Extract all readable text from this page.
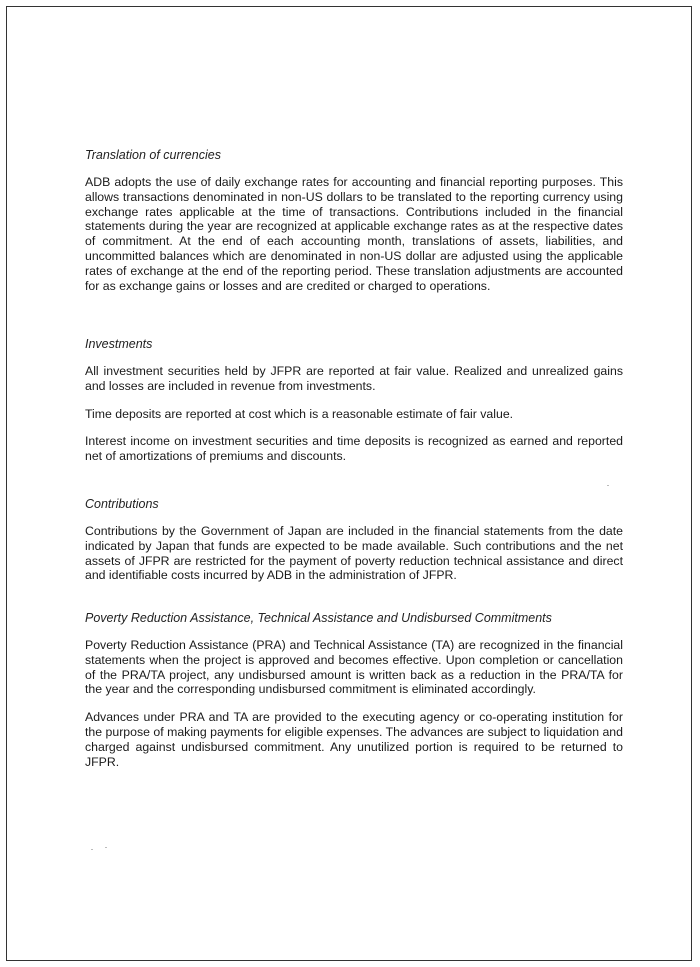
Translation of currencies

ADB adopts the use of daily exchange rates for accounting and financial reporting purposes. This allows transactions denominated in non-US dollars to be translated to the reporting currency using exchange rates applicable at the time of transactions. Contributions included in the financial statements during the year are recognized at applicable exchange rates as at the respective dates of commitment. At the end of each accounting month, translations of assets, liabilities, and uncommitted balances which are denominated in non-US dollar are adjusted using the applicable rates of exchange at the end of the reporting period. These translation adjustments are accounted for as exchange gains or losses and are credited or charged to operations.

Investments

All investment securities held by JFPR are reported at fair value. Realized and unrealized gains and losses are included in revenue from investments.

Time deposits are reported at cost which is a reasonable estimate of fair value.

Interest income on investment securities and time deposits is recognized as earned and reported net of amortizations of premiums and discounts.

Contributions

Contributions by the Government of Japan are included in the financial statements from the date indicated by Japan that funds are expected to be made available. Such contributions and the net assets of JFPR are restricted for the payment of poverty reduction technical assistance and direct and identifiable costs incurred by ADB in the administration of JFPR.

Poverty Reduction Assistance, Technical Assistance and Undisbursed Commitments

Poverty Reduction Assistance (PRA) and Technical Assistance (TA) are recognized in the financial statements when the project is approved and becomes effective. Upon completion or cancellation of the PRA/TA project, any undisbursed amount is written back as a reduction in the PRA/TA for the year and the corresponding undisbursed commitment is eliminated accordingly.

Advances under PRA and TA are provided to the executing agency or co-operating institution for the purpose of making payments for eligible expenses. The advances are subject to liquidation and charged against undisbursed commitment. Any unutilized portion is required to be returned to JFPR.
